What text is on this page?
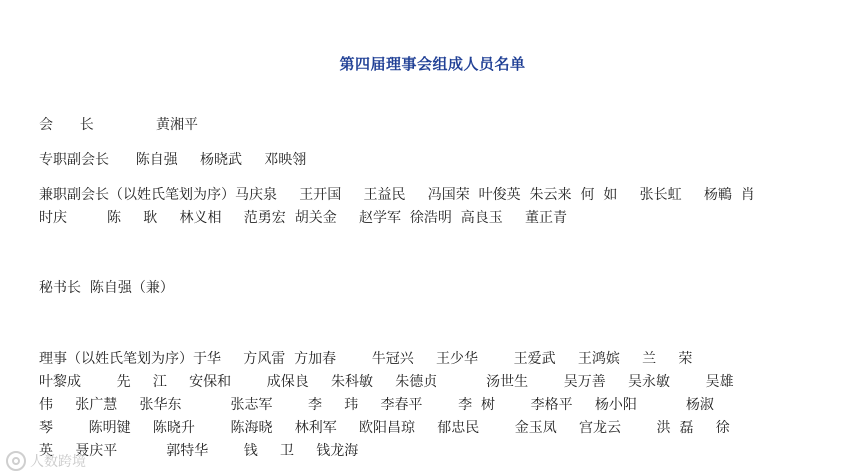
第四届理事会组成人员名单
会      长              黄湘平
专职副会长      陈自强     杨晓武     邓映翎
兼职副会长（以姓氏笔划为序）马庆泉     王开国     王益民     冯国荣  叶俊英  朱云来  何  如     张长虹     杨鶤  肖
时庆         陈     耿     林义相     范勇宏  胡关金     赵学军  徐浩明  高良玉     董正青
秘书长  陈自强（兼）
理事（以姓氏笔划为序）于华     方风雷  方加春        牛冠兴     王少华        王爱武     王鸿嫔     兰     荣
叶黎成        先     江     安保和        成保良     朱科敏     朱德贞           汤世生        吴万善     吴永敏        吴雄
伟     张广慧     张华东           张志军        李     玮     李春平        李  树        李格平     杨小阳           杨淑
琴        陈明键     陈晓升        陈海晓     林利军     欧阳昌琼     郁忠民        金玉凤     宫龙云        洪  磊     徐
英     聂庆平           郭特华        钱     卫     钱龙海
人数跨境
